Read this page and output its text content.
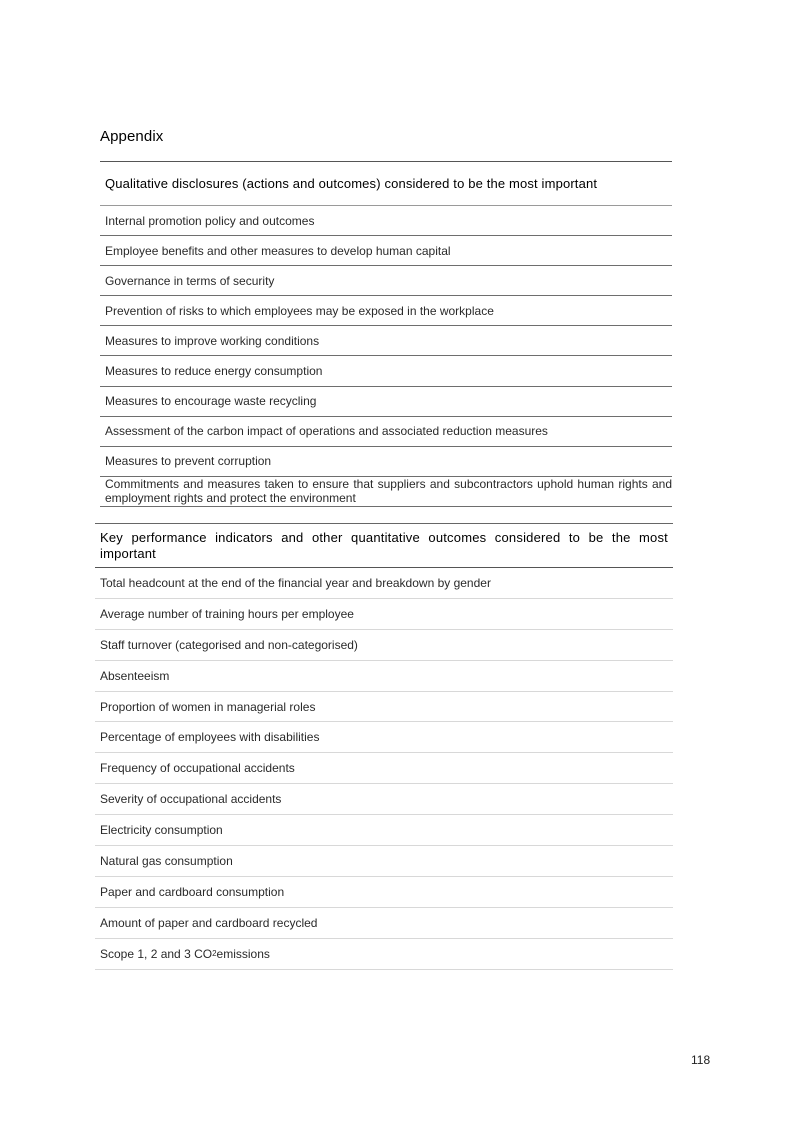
Appendix
Qualitative disclosures (actions and outcomes) considered to be the most important
Internal promotion policy and outcomes
Employee benefits and other measures to develop human capital
Governance in terms of security
Prevention of risks to which employees may be exposed in the workplace
Measures to improve working conditions
Measures to reduce energy consumption
Measures to encourage waste recycling
Assessment of the carbon impact of operations and associated reduction measures
Measures to prevent corruption
Commitments and measures taken to ensure that suppliers and subcontractors uphold human rights and employment rights and protect the environment
Key performance indicators and other quantitative outcomes considered to be the most important
Total headcount at the end of the financial year and breakdown by gender
Average number of training hours per employee
Staff turnover (categorised and non-categorised)
Absenteeism
Proportion of women in managerial roles
Percentage of employees with disabilities
Frequency of occupational accidents
Severity of occupational accidents
Electricity consumption
Natural gas consumption
Paper and cardboard consumption
Amount of paper and cardboard recycled
Scope 1, 2 and 3 CO 2 emissions
118
